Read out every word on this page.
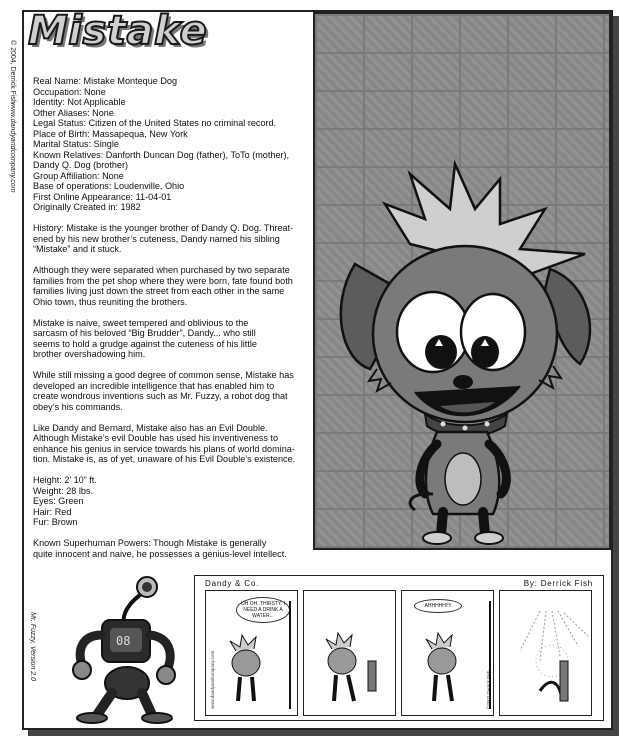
Mistake
© 2004, Derrick Fish
www.dandyandcompany.com
Real Name: Mistake Monteque Dog
Occupation: None
Identity: Not Applicable
Other Aliases: None
Legal Status: Citizen of the United States no criminal record.
Place of Birth: Massapequa, New York
Marital Status: Single
Known Relatives: Danforth Duncan Dog (father), ToTo (mother),
Dandy Q. Dog (brother)
Group Affiliation: None
Base of operations: Loudenville, Ohio
First Online Appearance: 11-04-01
Originally Created in: 1982
History: Mistake is the younger brother of Dandy Q. Dog. Threat-
ened by his new brother’s cuteness, Dandy named his sibling
“Mistake” and it stuck.
Although they were separated when purchased by two separate
families from the pet shop where they were born, fate found both
families living just down the street from each other in the same
Ohio town, thus reuniting the brothers.
Mistake is naive, sweet tempered and oblivious to the
sarcasm of his beloved “Big Brudder”, Dandy... who still
seems to hold a grudge against the cuteness of his little
brother overshadowing him.
While still missing a good degree of common sense, Mistake has
developed an incredible intelligence that has enabled him to
create wondrous inventions such as Mr. Fuzzy, a robot dog that
obey’s his commands.
Like Dandy and Bernard, Mistake also has an Evil Double.
Although Mistake’s evil Double has used his inventiveness to
enhance his genius in service towards his plans of world domina-
tion. Mistake is, as of yet, unaware of his Evil Double’s existence.
Height: 2’ 10” ft.
Weight: 28 lbs.
Eyes: Green
Hair: Red
Fur: Brown
Known Superhuman Powers: Though Mistake is generally
quite innocent and naive, he possesses a genius-level intellect.
08
Mr. Fuzzy, Version 2.0
Dandy & Co.	By: Derrick Fish
UH OH. THIRSTY. I NEED A DRINK A WATER...
www.dandyandcompany.com
AHHHHH!!!!
©2002 Derrick Fish
